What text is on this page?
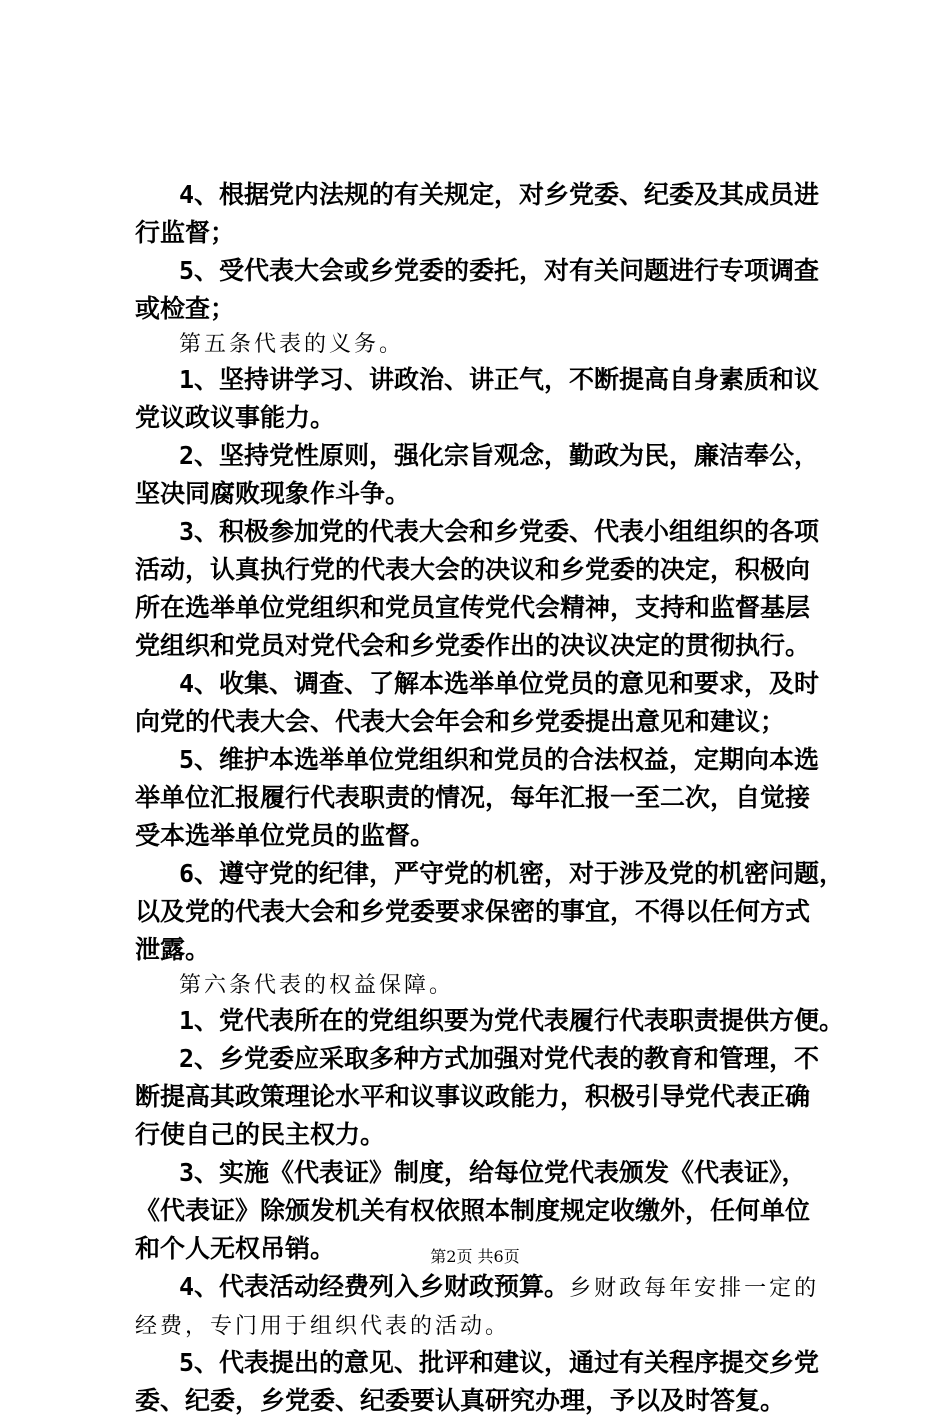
4、根据党内法规的有关规定，对乡党委、纪委及其成员进
行监督；
5、受代表大会或乡党委的委托，对有关问题进行专项调查
或检查；
第五条代表的义务。
1、坚持讲学习、讲政治、讲正气，不断提高自身素质和议
党议政议事能力。
2、坚持党性原则，强化宗旨观念，勤政为民，廉洁奉公，
坚决同腐败现象作斗争。
3、积极参加党的代表大会和乡党委、代表小组组织的各项
活动，认真执行党的代表大会的决议和乡党委的决定，积极向
所在选举单位党组织和党员宣传党代会精神，支持和监督基层
党组织和党员对党代会和乡党委作出的决议决定的贯彻执行。
4、收集、调查、了解本选举单位党员的意见和要求，及时
向党的代表大会、代表大会年会和乡党委提出意见和建议；
5、维护本选举单位党组织和党员的合法权益，定期向本选
举单位汇报履行代表职责的情况，每年汇报一至二次，自觉接
受本选举单位党员的监督。
6、遵守党的纪律，严守党的机密，对于涉及党的机密问题，
以及党的代表大会和乡党委要求保密的事宜，不得以任何方式
泄露。
第六条代表的权益保障。
1、党代表所在的党组织要为党代表履行代表职责提供方便。
2、乡党委应采取多种方式加强对党代表的教育和管理，不
断提高其政策理论水平和议事议政能力，积极引导党代表正确
行使自己的民主权力。
3、实施《代表证》制度，给每位党代表颁发《代表证》，
《代表证》除颁发机关有权依照本制度规定收缴外，任何单位
和个人无权吊销。
4、代表活动经费列入乡财政预算。乡财政每年安排一定的
经费，专门用于组织代表的活动。
5、代表提出的意见、批评和建议，通过有关程序提交乡党
委、纪委，乡党委、纪委要认真研究办理，予以及时答复。
第2页 共6页
